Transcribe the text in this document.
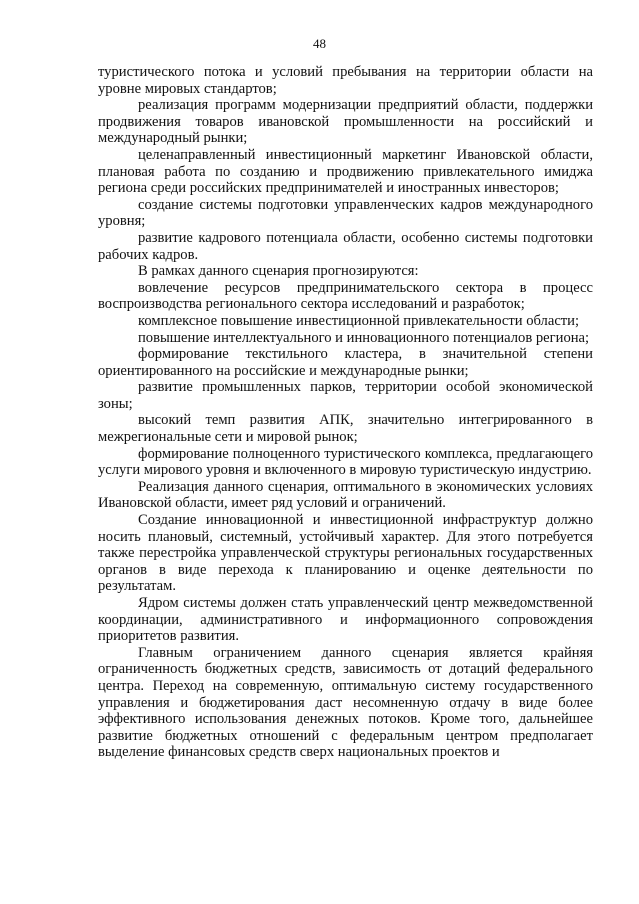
48

туристического потока и условий пребывания на территории области на уровне мировых стандартов;

реализация программ модернизации предприятий области, поддержки продвижения товаров ивановской промышленности на российский и международный рынки;

целенаправленный инвестиционный маркетинг Ивановской области, плановая работа по созданию и продвижению привлекательного имиджа региона среди российских предпринимателей и иностранных инвесторов;

создание системы подготовки управленческих кадров международного уровня;

развитие кадрового потенциала области, особенно системы подготовки рабочих кадров.

В рамках данного сценария прогнозируются:

вовлечение ресурсов предпринимательского сектора в процесс воспроизводства регионального сектора исследований и разработок;

комплексное повышение инвестиционной привлекательности области;

повышение интеллектуального и инновационного потенциалов региона;

формирование текстильного кластера, в значительной степени ориентированного на российские и международные рынки;

развитие промышленных парков, территории особой экономической зоны;

высокий темп развития АПК, значительно интегрированного в межрегиональные сети и мировой рынок;

формирование полноценного туристического комплекса, предлагающего услуги мирового уровня и включенного в мировую туристическую индустрию.

Реализация данного сценария, оптимального в экономических условиях Ивановской области, имеет ряд условий и ограничений.

Создание инновационной и инвестиционной инфраструктур должно носить плановый, системный, устойчивый характер. Для этого потребуется также перестройка управленческой структуры региональных государственных органов в виде перехода к планированию и оценке деятельности по результатам.

Ядром системы должен стать управленческий центр межведомственной координации, административного и информационного сопровождения приоритетов развития.

Главным ограничением данного сценария является крайняя ограниченность бюджетных средств, зависимость от дотаций федерального центра. Переход на современную, оптимальную систему государственного управления и бюджетирования даст несомненную отдачу в виде более эффективного использования денежных потоков. Кроме того, дальнейшее развитие бюджетных отношений с федеральным центром предполагает выделение финансовых средств сверх национальных проектов и
